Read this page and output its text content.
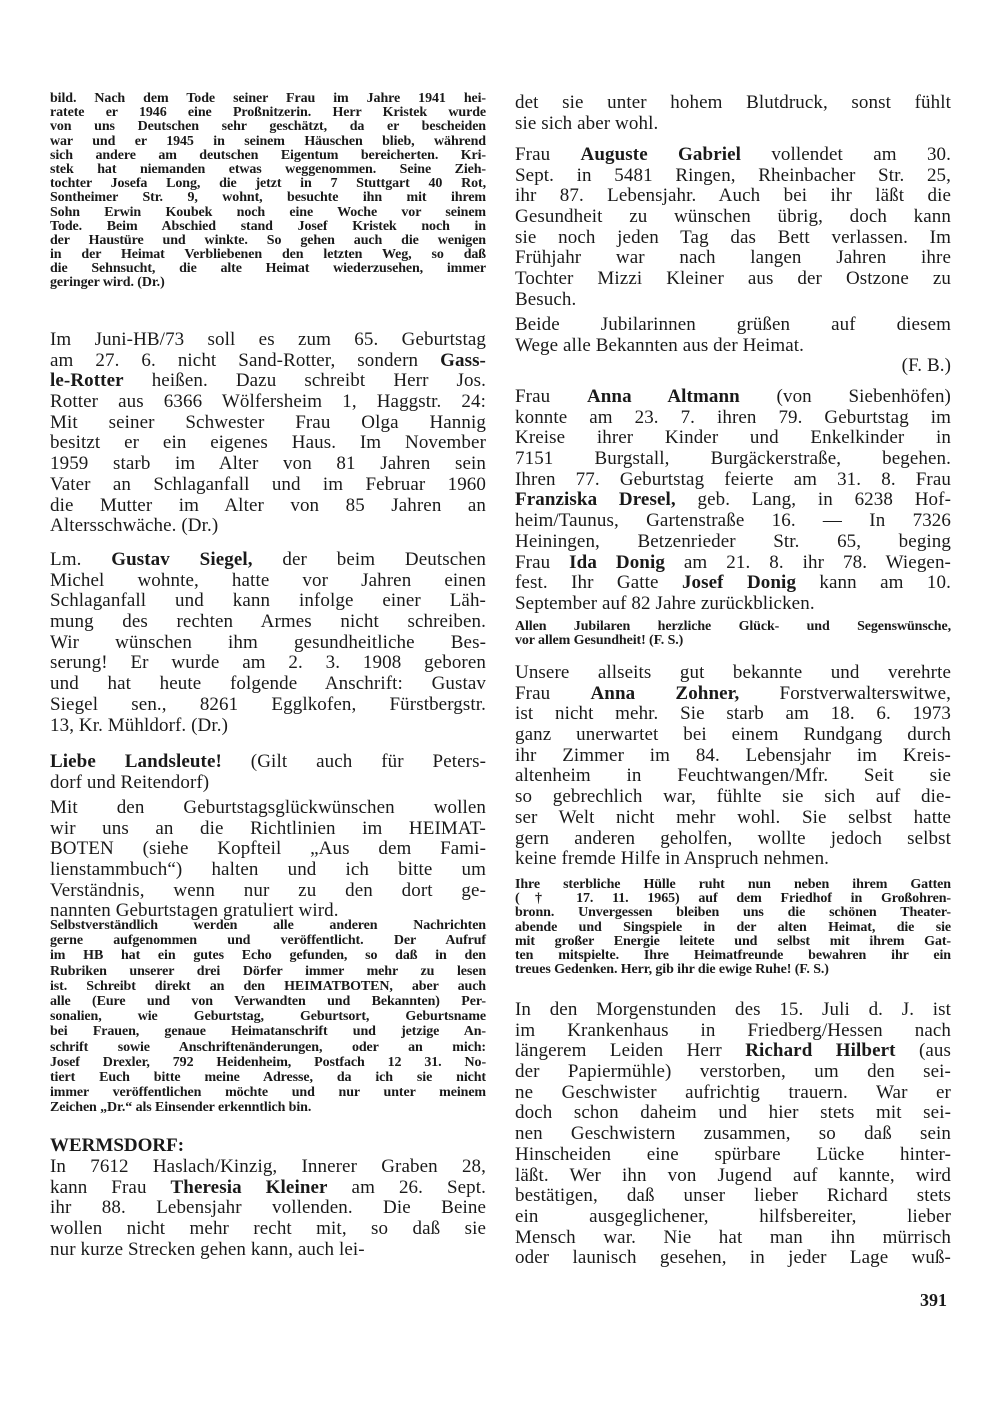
bild. Nach dem Tode seiner Frau im Jahre 1941 hei-
ratete er 1946 eine Proßnitzerin. Herr Kristek wurde
von uns Deutschen sehr geschätzt, da er bescheiden
war und er 1945 in seinem Häuschen blieb, während
sich andere am deutschen Eigentum bereicherten. Kri-
stek hat niemanden etwas weggenommen. Seine Zieh-
tochter Josefa Long, die jetzt in 7 Stuttgart 40 Rot,
Sontheimer Str. 9, wohnt, besuchte ihn mit ihrem
Sohn Erwin Koubek noch eine Woche vor seinem
Tode. Beim Abschied stand Josef Kristek noch in
der Haustüre und winkte. So gehen auch die wenigen
in der Heimat Verbliebenen den letzten Weg, so daß
die Sehnsucht, die alte Heimat wiederzusehen, immer
geringer wird. (Dr.)
Im Juni-HB/73 soll es zum 65. Geburtstag
am 27. 6. nicht Sand-Rotter, sondern Gass-
le-Rotter heißen. Dazu schreibt Herr Jos.
Rotter aus 6366 Wölfersheim 1, Haggstr. 24:
Mit seiner Schwester Frau Olga Hannig
besitzt er ein eigenes Haus. Im November
1959 starb im Alter von 81 Jahren sein
Vater an Schlaganfall und im Februar 1960
die Mutter im Alter von 85 Jahren an
Altersschwäche. (Dr.)
Lm. Gustav Siegel, der beim Deutschen
Michel wohnte, hatte vor Jahren einen
Schlaganfall und kann infolge einer Läh-
mung des rechten Armes nicht schreiben.
Wir wünschen ihm gesundheitliche Bes-
serung! Er wurde am 2. 3. 1908 geboren
und hat heute folgende Anschrift: Gustav
Siegel sen., 8261 Egglkofen, Fürstbergstr.
13, Kr. Mühldorf. (Dr.)
Liebe Landsleute! (Gilt auch für Peters-
dorf und Reitendorf)
Mit den Geburtstagsglückwünschen wollen
wir uns an die Richtlinien im HEIMAT-
BOTEN (siehe Kopfteil „Aus dem Fami-
lienstammbuch“) halten und ich bitte um
Verständnis, wenn nur zu den dort ge-
nannten Geburtstagen gratuliert wird.
Selbstverständlich werden alle anderen Nachrichten
gerne aufgenommen und veröffentlicht. Der Aufruf
im HB hat ein gutes Echo gefunden, so daß in den
Rubriken unserer drei Dörfer immer mehr zu lesen
ist. Schreibt direkt an den HEIMATBOTEN, aber auch
alle (Eure und von Verwandten und Bekannten) Per-
sonalien, wie Geburtstag, Geburtsort, Geburtsname
bei Frauen, genaue Heimatanschrift und jetzige An-
schrift sowie Anschriftenänderungen, oder an mich:
Josef Drexler, 792 Heidenheim, Postfach 12 31. No-
tiert Euch bitte meine Adresse, da ich sie nicht
immer veröffentlichen möchte und nur unter meinem
Zeichen „Dr.“ als Einsender erkenntlich bin.
WERMSDORF:
In 7612 Haslach/Kinzig, Innerer Graben 28,
kann Frau Theresia Kleiner am 26. Sept.
ihr 88. Lebensjahr vollenden. Die Beine
wollen nicht mehr recht mit, so daß sie
nur kurze Strecken gehen kann, auch lei-
det sie unter hohem Blutdruck, sonst fühlt
sie sich aber wohl.
Frau Auguste Gabriel vollendet am 30.
Sept. in 5481 Ringen, Rheinbacher Str. 25,
ihr 87. Lebensjahr. Auch bei ihr läßt die
Gesundheit zu wünschen übrig, doch kann
sie noch jeden Tag das Bett verlassen. Im
Frühjahr war nach langen Jahren ihre
Tochter Mizzi Kleiner aus der Ostzone zu
Besuch.
Beide Jubilarinnen grüßen auf diesem
Wege alle Bekannten aus der Heimat.
(F. B.)
Frau Anna Altmann (von Siebenhöfen)
konnte am 23. 7. ihren 79. Geburtstag im
Kreise ihrer Kinder und Enkelkinder in
7151 Burgstall, Burgäckerstraße, begehen.
Ihren 77. Geburtstag feierte am 31. 8. Frau
Franziska Dresel, geb. Lang, in 6238 Hof-
heim/Taunus, Gartenstraße 16. — In 7326
Heiningen, Betzenrieder Str. 65, beging
Frau Ida Donig am 21. 8. ihr 78. Wiegen-
fest. Ihr Gatte Josef Donig kann am 10.
September auf 82 Jahre zurückblicken.
Allen Jubilaren herzliche Glück- und Segenswünsche,
vor allem Gesundheit! (F. S.)
Unsere allseits gut bekannte und verehrte
Frau Anna Zohner, Forstverwalterswitwe,
ist nicht mehr. Sie starb am 18. 6. 1973
ganz unerwartet bei einem Rundgang durch
ihr Zimmer im 84. Lebensjahr im Kreis-
altenheim in Feuchtwangen/Mfr. Seit sie
so gebrechlich war, fühlte sie sich auf die-
ser Welt nicht mehr wohl. Sie selbst hatte
gern anderen geholfen, wollte jedoch selbst
keine fremde Hilfe in Anspruch nehmen.
Ihre sterbliche Hülle ruht nun neben ihrem Gatten
(† 17. 11. 1965) auf dem Friedhof in Großohren-
bronn. Unvergessen bleiben uns die schönen Theater-
abende und Singspiele in der alten Heimat, die sie
mit großer Energie leitete und selbst mit ihrem Gat-
ten mitspielte. Ihre Heimatfreunde bewahren ihr ein
treues Gedenken. Herr, gib ihr die ewige Ruhe! (F. S.)
In den Morgenstunden des 15. Juli d. J. ist
im Krankenhaus in Friedberg/Hessen nach
längerem Leiden Herr Richard Hilbert (aus
der Papiermühle) verstorben, um den sei-
ne Geschwister aufrichtig trauern. War er
doch schon daheim und hier stets mit sei-
nen Geschwistern zusammen, so daß sein
Hinscheiden eine spürbare Lücke hinter-
läßt. Wer ihn von Jugend auf kannte, wird
bestätigen, daß unser lieber Richard stets
ein ausgeglichener, hilfsbereiter, lieber
Mensch war. Nie hat man ihn mürrisch
oder launisch gesehen, in jeder Lage wuß-
391
